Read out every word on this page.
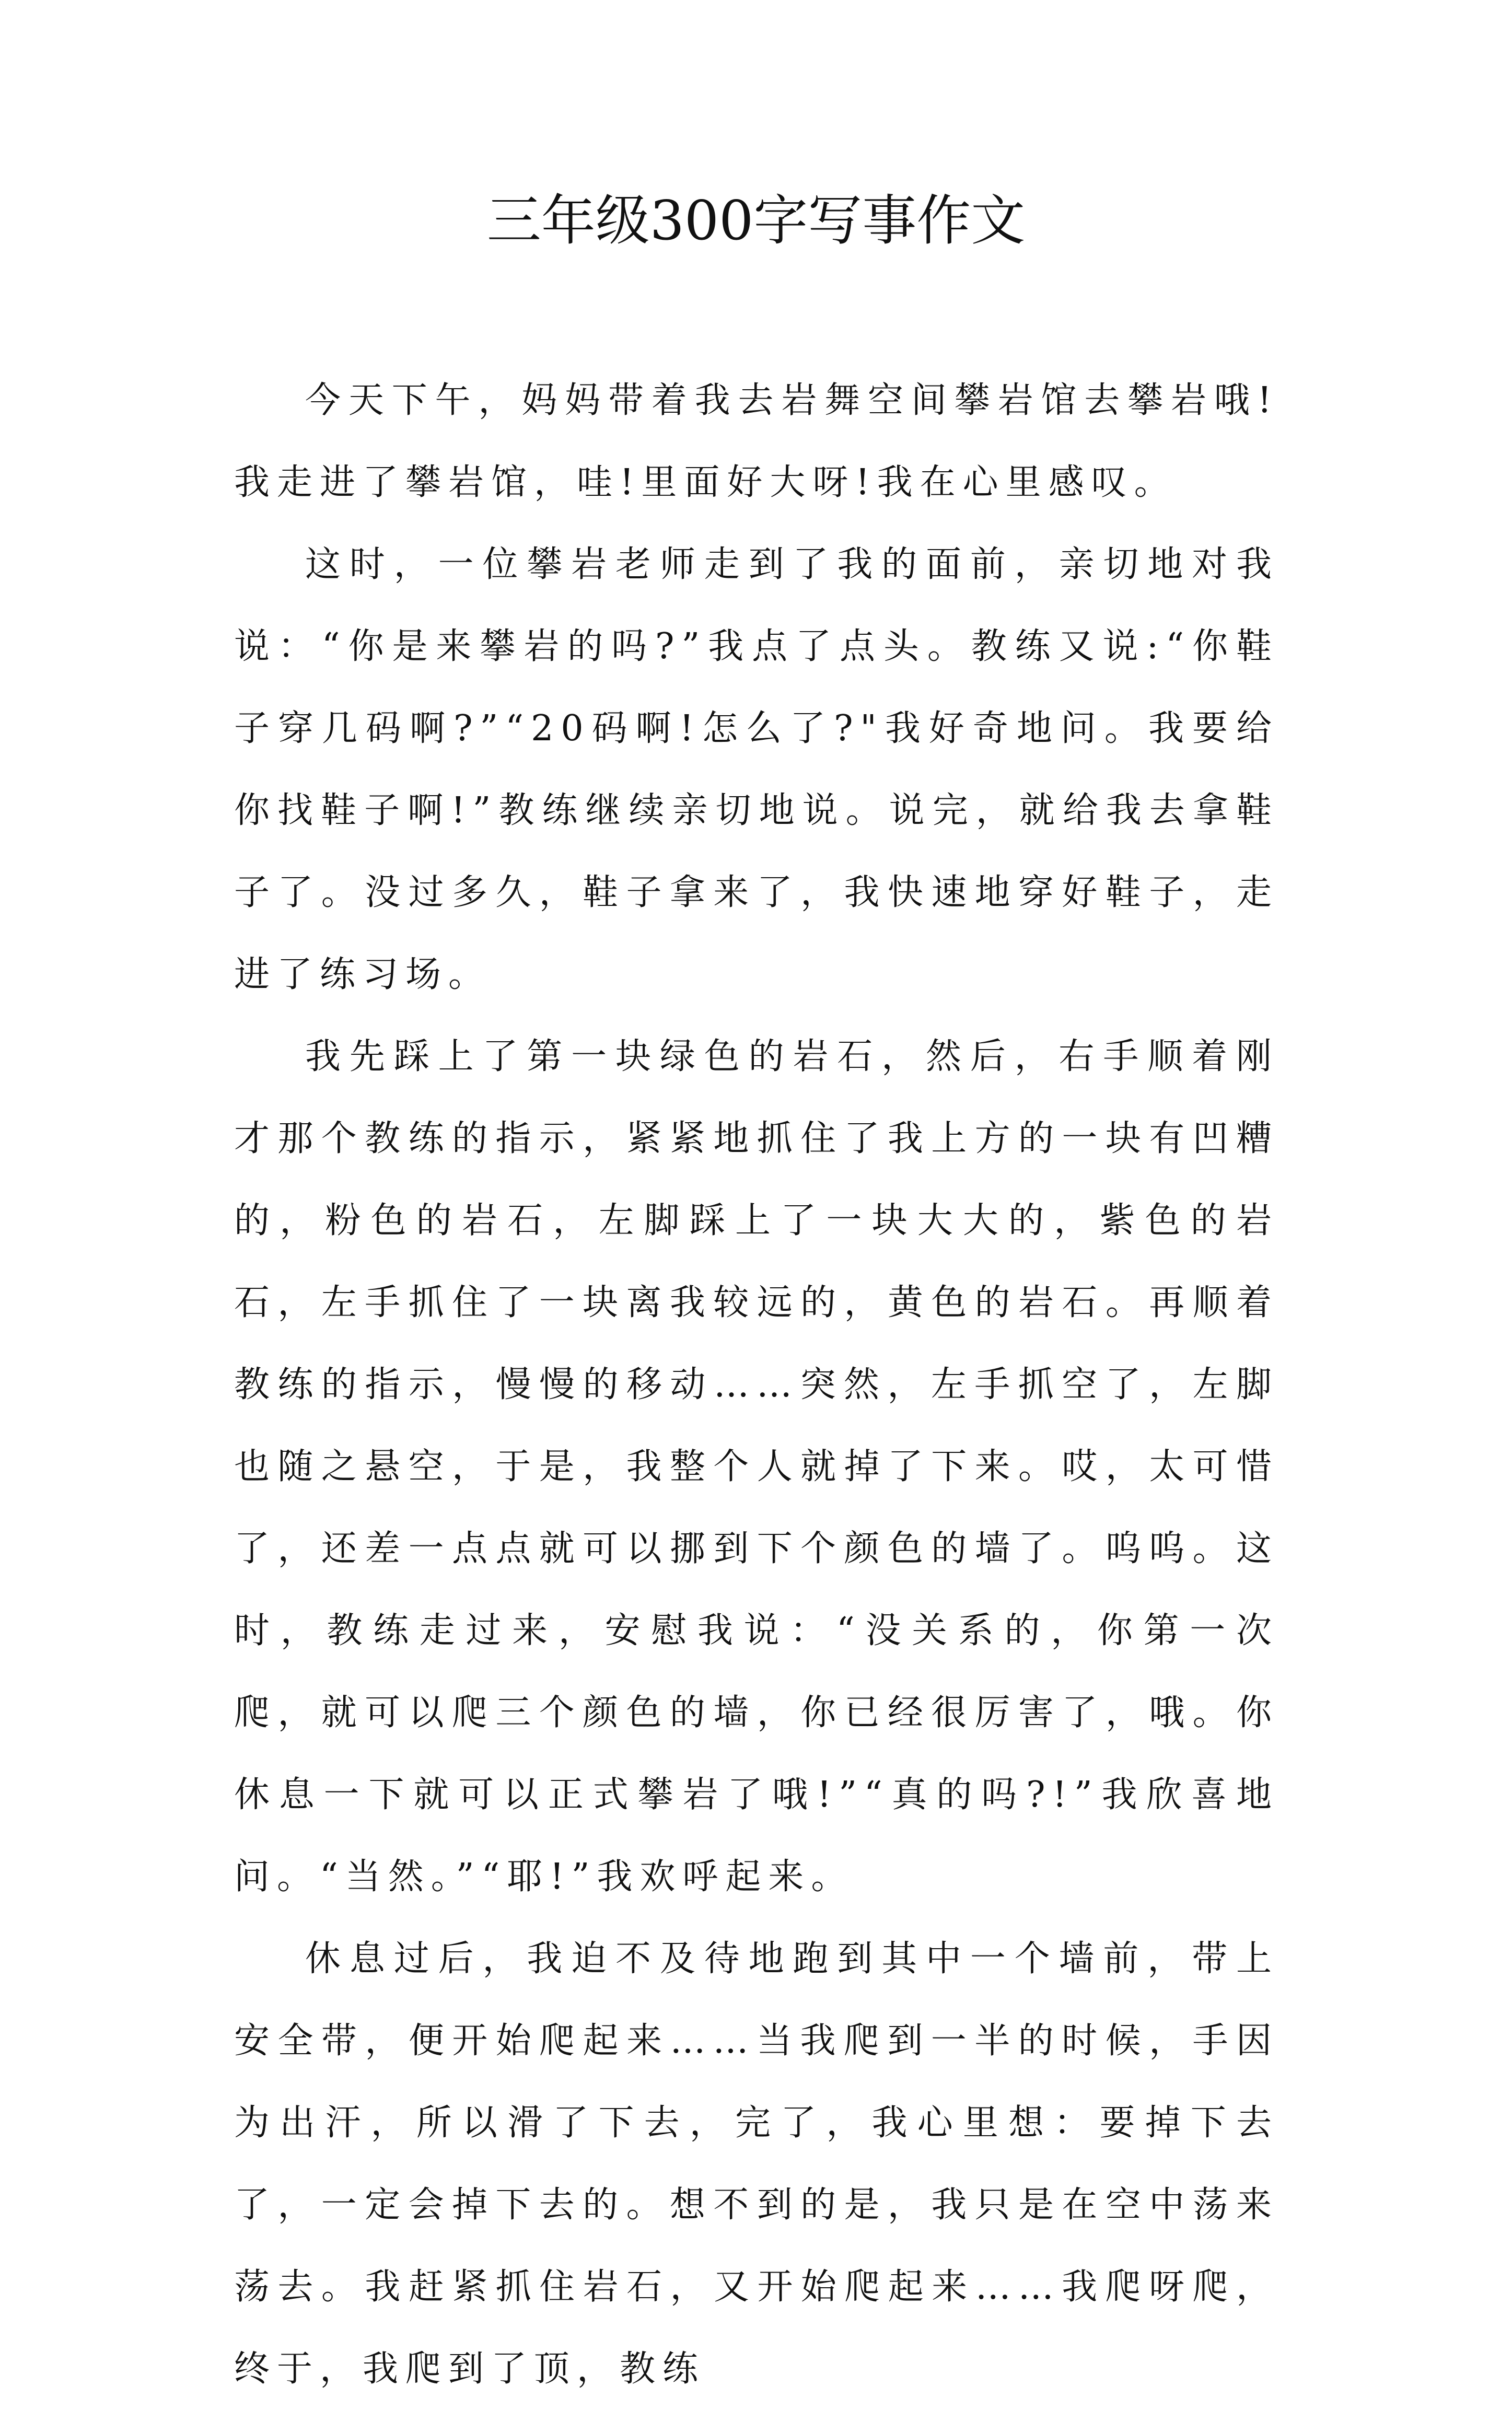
三年级300字写事作文

今天下午，妈妈带着我去岩舞空间攀岩馆去攀岩哦!我走进了攀岩馆，哇!里面好大呀!我在心里感叹。

这时，一位攀岩老师走到了我的面前，亲切地对我说：“你是来攀岩的吗?”我点了点头。教练又说:“你鞋子穿几码啊?”“20码啊!怎么了?"我好奇地问。我要给你找鞋子啊!”教练继续亲切地说。说完，就给我去拿鞋子了。没过多久，鞋子拿来了，我快速地穿好鞋子，走进了练习场。

我先踩上了第一块绿色的岩石，然后，右手顺着刚才那个教练的指示，紧紧地抓住了我上方的一块有凹糟的，粉色的岩石，左脚踩上了一块大大的，紫色的岩石，左手抓住了一块离我较远的，黄色的岩石。再顺着教练的指示，慢慢的移动……突然，左手抓空了，左脚也随之悬空，于是，我整个人就掉了下来。哎，太可惜了，还差一点点就可以挪到下个颜色的墙了。呜呜。这时，教练走过来，安慰我说：“没关系的，你第一次爬，就可以爬三个颜色的墙，你已经很厉害了，哦。你休息一下就可以正式攀岩了哦!”“真的吗?!”我欣喜地问。“当然。”“耶!”我欢呼起来。

休息过后，我迫不及待地跑到其中一个墙前，带上安全带，便开始爬起来……当我爬到一半的时候，手因为出汗，所以滑了下去，完了，我心里想：要掉下去了，一定会掉下去的。想不到的是，我只是在空中荡来荡去。我赶紧抓住岩石，又开始爬起来……我爬呀爬，终于，我爬到了顶，教练
